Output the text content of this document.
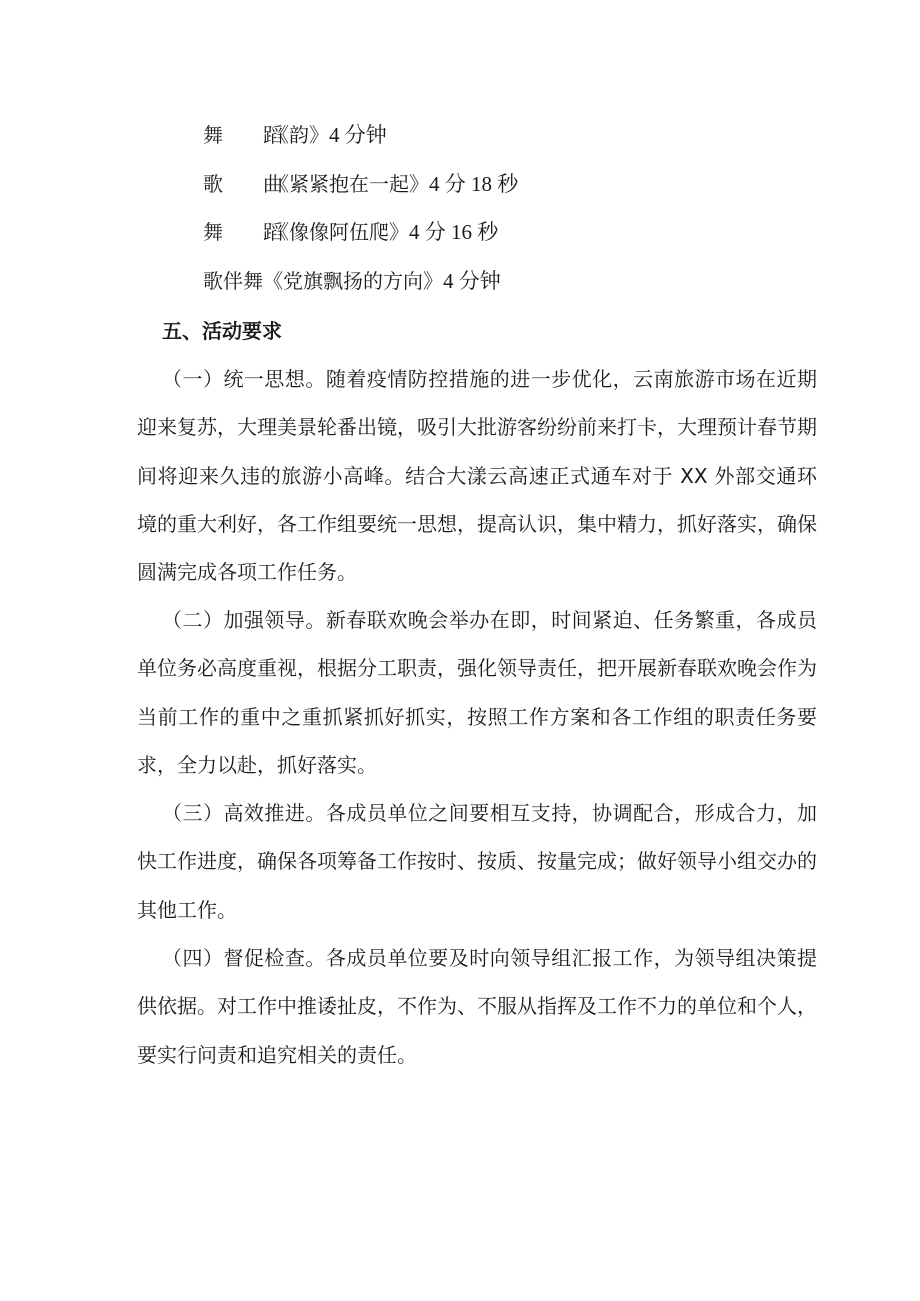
舞　　蹈《韵》4 分钟
歌　　曲《紧紧抱在一起》4 分 18 秒
舞　　蹈《像像阿伍爬》4 分 16 秒
歌伴舞《党旗飘扬的方向》4 分钟
五、活动要求

（一）统一思想。随着疫情防控措施的进一步优化，云南旅游市场在近期迎来复苏，大理美景轮番出镜，吸引大批游客纷纷前来打卡，大理预计春节期间将迎来久违的旅游小高峰。结合大漾云高速正式通车对于 XX 外部交通环境的重大利好，各工作组要统一思想，提高认识，集中精力，抓好落实，确保圆满完成各项工作任务。

（二）加强领导。新春联欢晚会举办在即，时间紧迫、任务繁重，各成员单位务必高度重视，根据分工职责，强化领导责任，把开展新春联欢晚会作为当前工作的重中之重抓紧抓好抓实，按照工作方案和各工作组的职责任务要求，全力以赴，抓好落实。

（三）高效推进。各成员单位之间要相互支持，协调配合，形成合力，加快工作进度，确保各项筹备工作按时、按质、按量完成；做好领导小组交办的其他工作。

（四）督促检查。各成员单位要及时向领导组汇报工作，为领导组决策提供依据。对工作中推诿扯皮，不作为、不服从指挥及工作不力的单位和个人，要实行问责和追究相关的责任。
